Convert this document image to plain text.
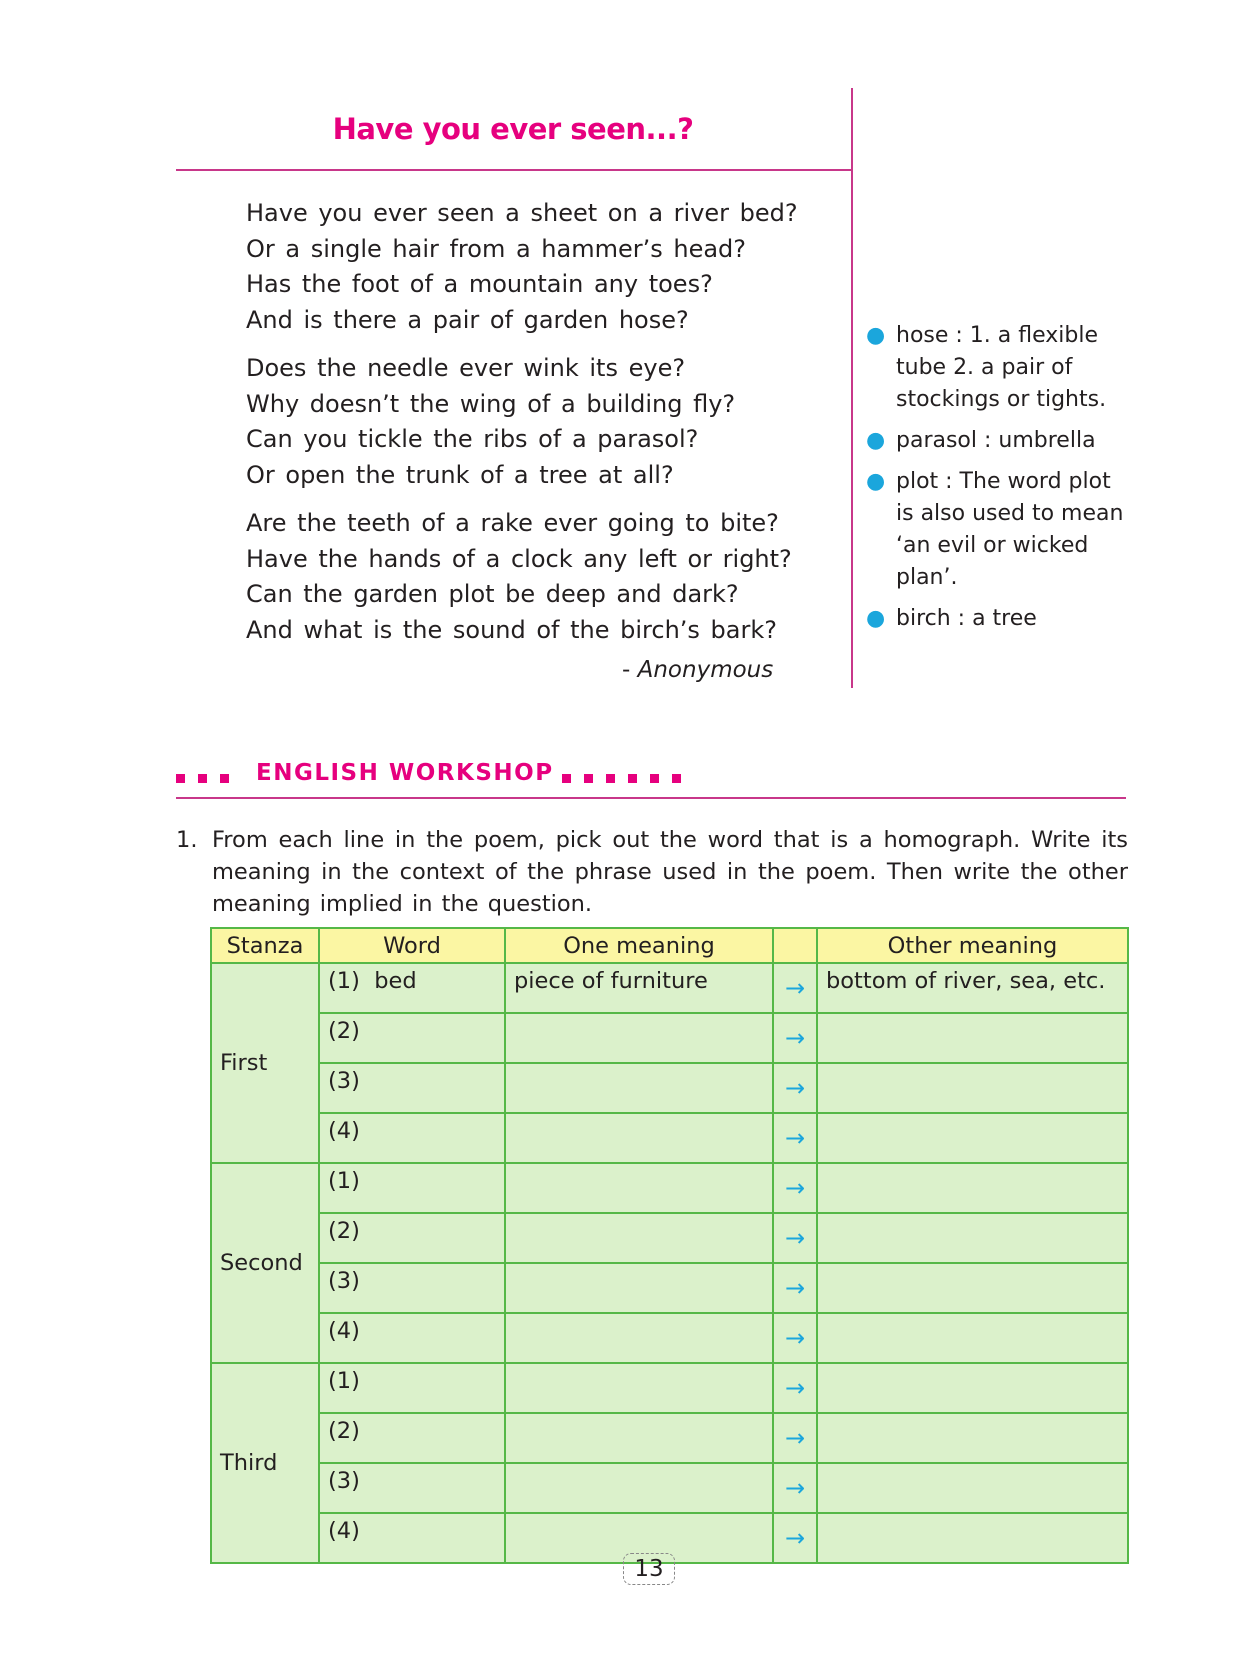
Have you ever seen...?
Have you ever seen a sheet on a river bed?
Or a single hair from a hammer’s head?
Has the foot of a mountain any toes?
And is there a pair of garden hose?
Does the needle ever wink its eye?
Why doesn’t the wing of a building fly?
Can you tickle the ribs of a parasol?
Or open the trunk of a tree at all?
Are the teeth of a rake ever going to bite?
Have the hands of a clock any left or right?
Can the garden plot be deep and dark?
And what is the sound of the birch’s bark?
- Anonymous
● hose : 1. a flexible tube 2. a pair of stockings or tights.
● parasol : umbrella
● plot : The word plot is also used to mean ‘an evil or wicked plan’.
● birch : a tree
ENGLISH WORKSHOP
1. From each line in the poem, pick out the word that is a homograph. Write its meaning in the context of the phrase used in the poem. Then write the other meaning implied in the question.
Stanza	Word	One meaning		Other meaning
First	(1) bed	piece of furniture	→	bottom of river, sea, etc.
	(2)		→	
	(3)		→	
	(4)		→	
Second	(1)		→	
	(2)		→	
	(3)		→	
	(4)		→	
Third	(1)		→	
	(2)		→	
	(3)		→	
	(4)		→	
13
